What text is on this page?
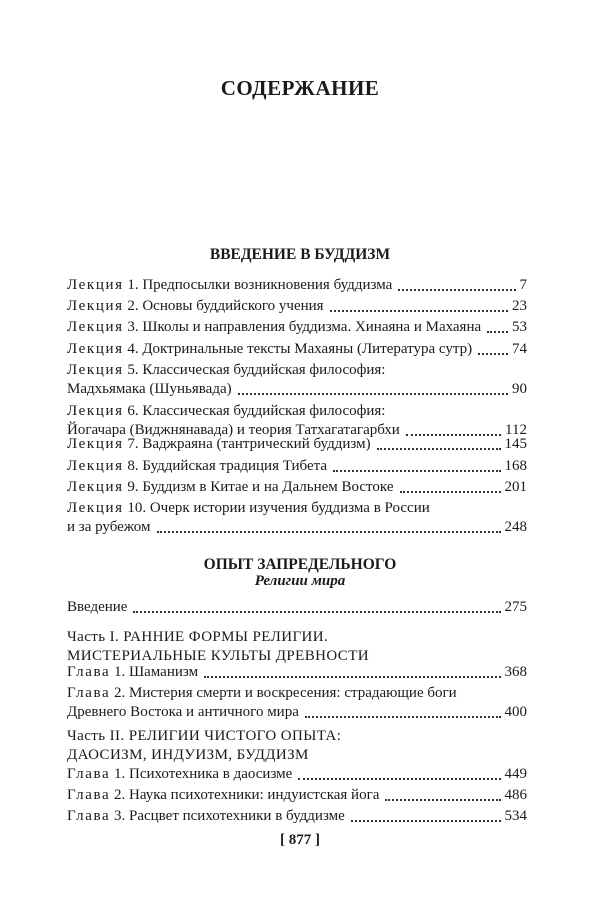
СОДЕРЖАНИЕ
ВВЕДЕНИЕ В БУДДИЗМ
Лекция 1. Предпосылки возникновения буддизма	7
Лекция 2. Основы буддийского учения	23
Лекция 3. Школы и направления буддизма. Хинаяна и Махаяна 53
Лекция 4. Доктринальные тексты Махаяны (Литература сутр)	74
Лекция 5. Классическая буддийская философия:
Мадхьямака (Шуньявада)	90
Лекция 6. Классическая буддийская философия:
Йогачара (Виджнянавада) и теория Татхагатагарбхи	112
Лекция 7. Ваджраяна (тантрический буддизм)	145
Лекция 8. Буддийская традиция Тибета	168
Лекция 9. Буддизм в Китае и на Дальнем Востоке	201
Лекция 10. Очерк истории изучения буддизма в России
и за рубежом	248
ОПЫТ ЗАПРЕДЕЛЬНОГО
Религии мира
Введение	275
Часть I. РАННИЕ ФОРМЫ РЕЛИГИИ.
МИСТЕРИАЛЬНЫЕ КУЛЬТЫ ДРЕВНОСТИ
Глава 1. Шаманизм	368
Глава 2. Мистерия смерти и воскресения: страдающие боги
Древнего Востока и античного мира	400
Часть II. РЕЛИГИИ ЧИСТОГО ОПЫТА:
ДАОСИЗМ, ИНДУИЗМ, БУДДИЗМ
Глава 1. Психотехника в даосизме	449
Глава 2. Наука психотехники: индуистская йога	486
Глава 3. Расцвет психотехники в буддизме	534
[ 877 ]
